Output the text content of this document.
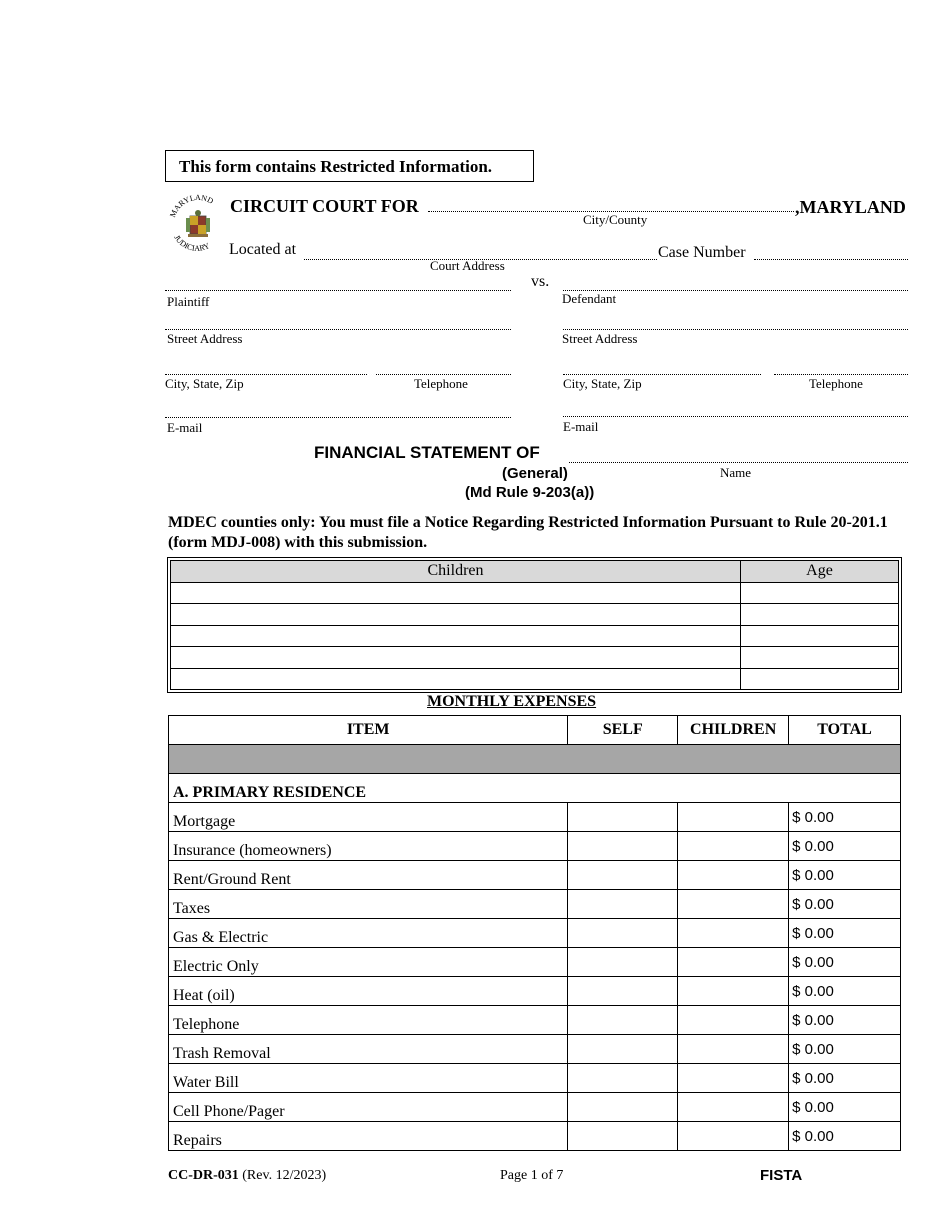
This form contains Restricted Information.
MARYLAND
JUDICIARY
CIRCUIT COURT FOR	,MARYLAND
City/County
Located at
Court Address
Case Number
vs.
Plaintiff	Defendant
Street Address	Street Address
City, State, Zip	Telephone	City, State, Zip	Telephone
E-mail	E-mail
FINANCIAL STATEMENT OF
Name
(General)
(Md Rule 9-203(a))
MDEC counties only: You must file a Notice Regarding Restricted Information Pursuant to Rule 20-201.1 (form MDJ-008) with this submission.
Children	Age

MONTHLY EXPENSES
ITEM	SELF	CHILDREN	TOTAL

A. PRIMARY RESIDENCE			
Mortgage			$ 0.00
Insurance (homeowners)			$ 0.00
Rent/Ground Rent			$ 0.00
Taxes			$ 0.00
Gas & Electric			$ 0.00
Electric Only			$ 0.00
Heat (oil)			$ 0.00
Telephone			$ 0.00
Trash Removal			$ 0.00
Water Bill			$ 0.00
Cell Phone/Pager			$ 0.00
Repairs			$ 0.00
CC-DR-031 (Rev. 12/2023)	Page 1 of 7	FISTA
